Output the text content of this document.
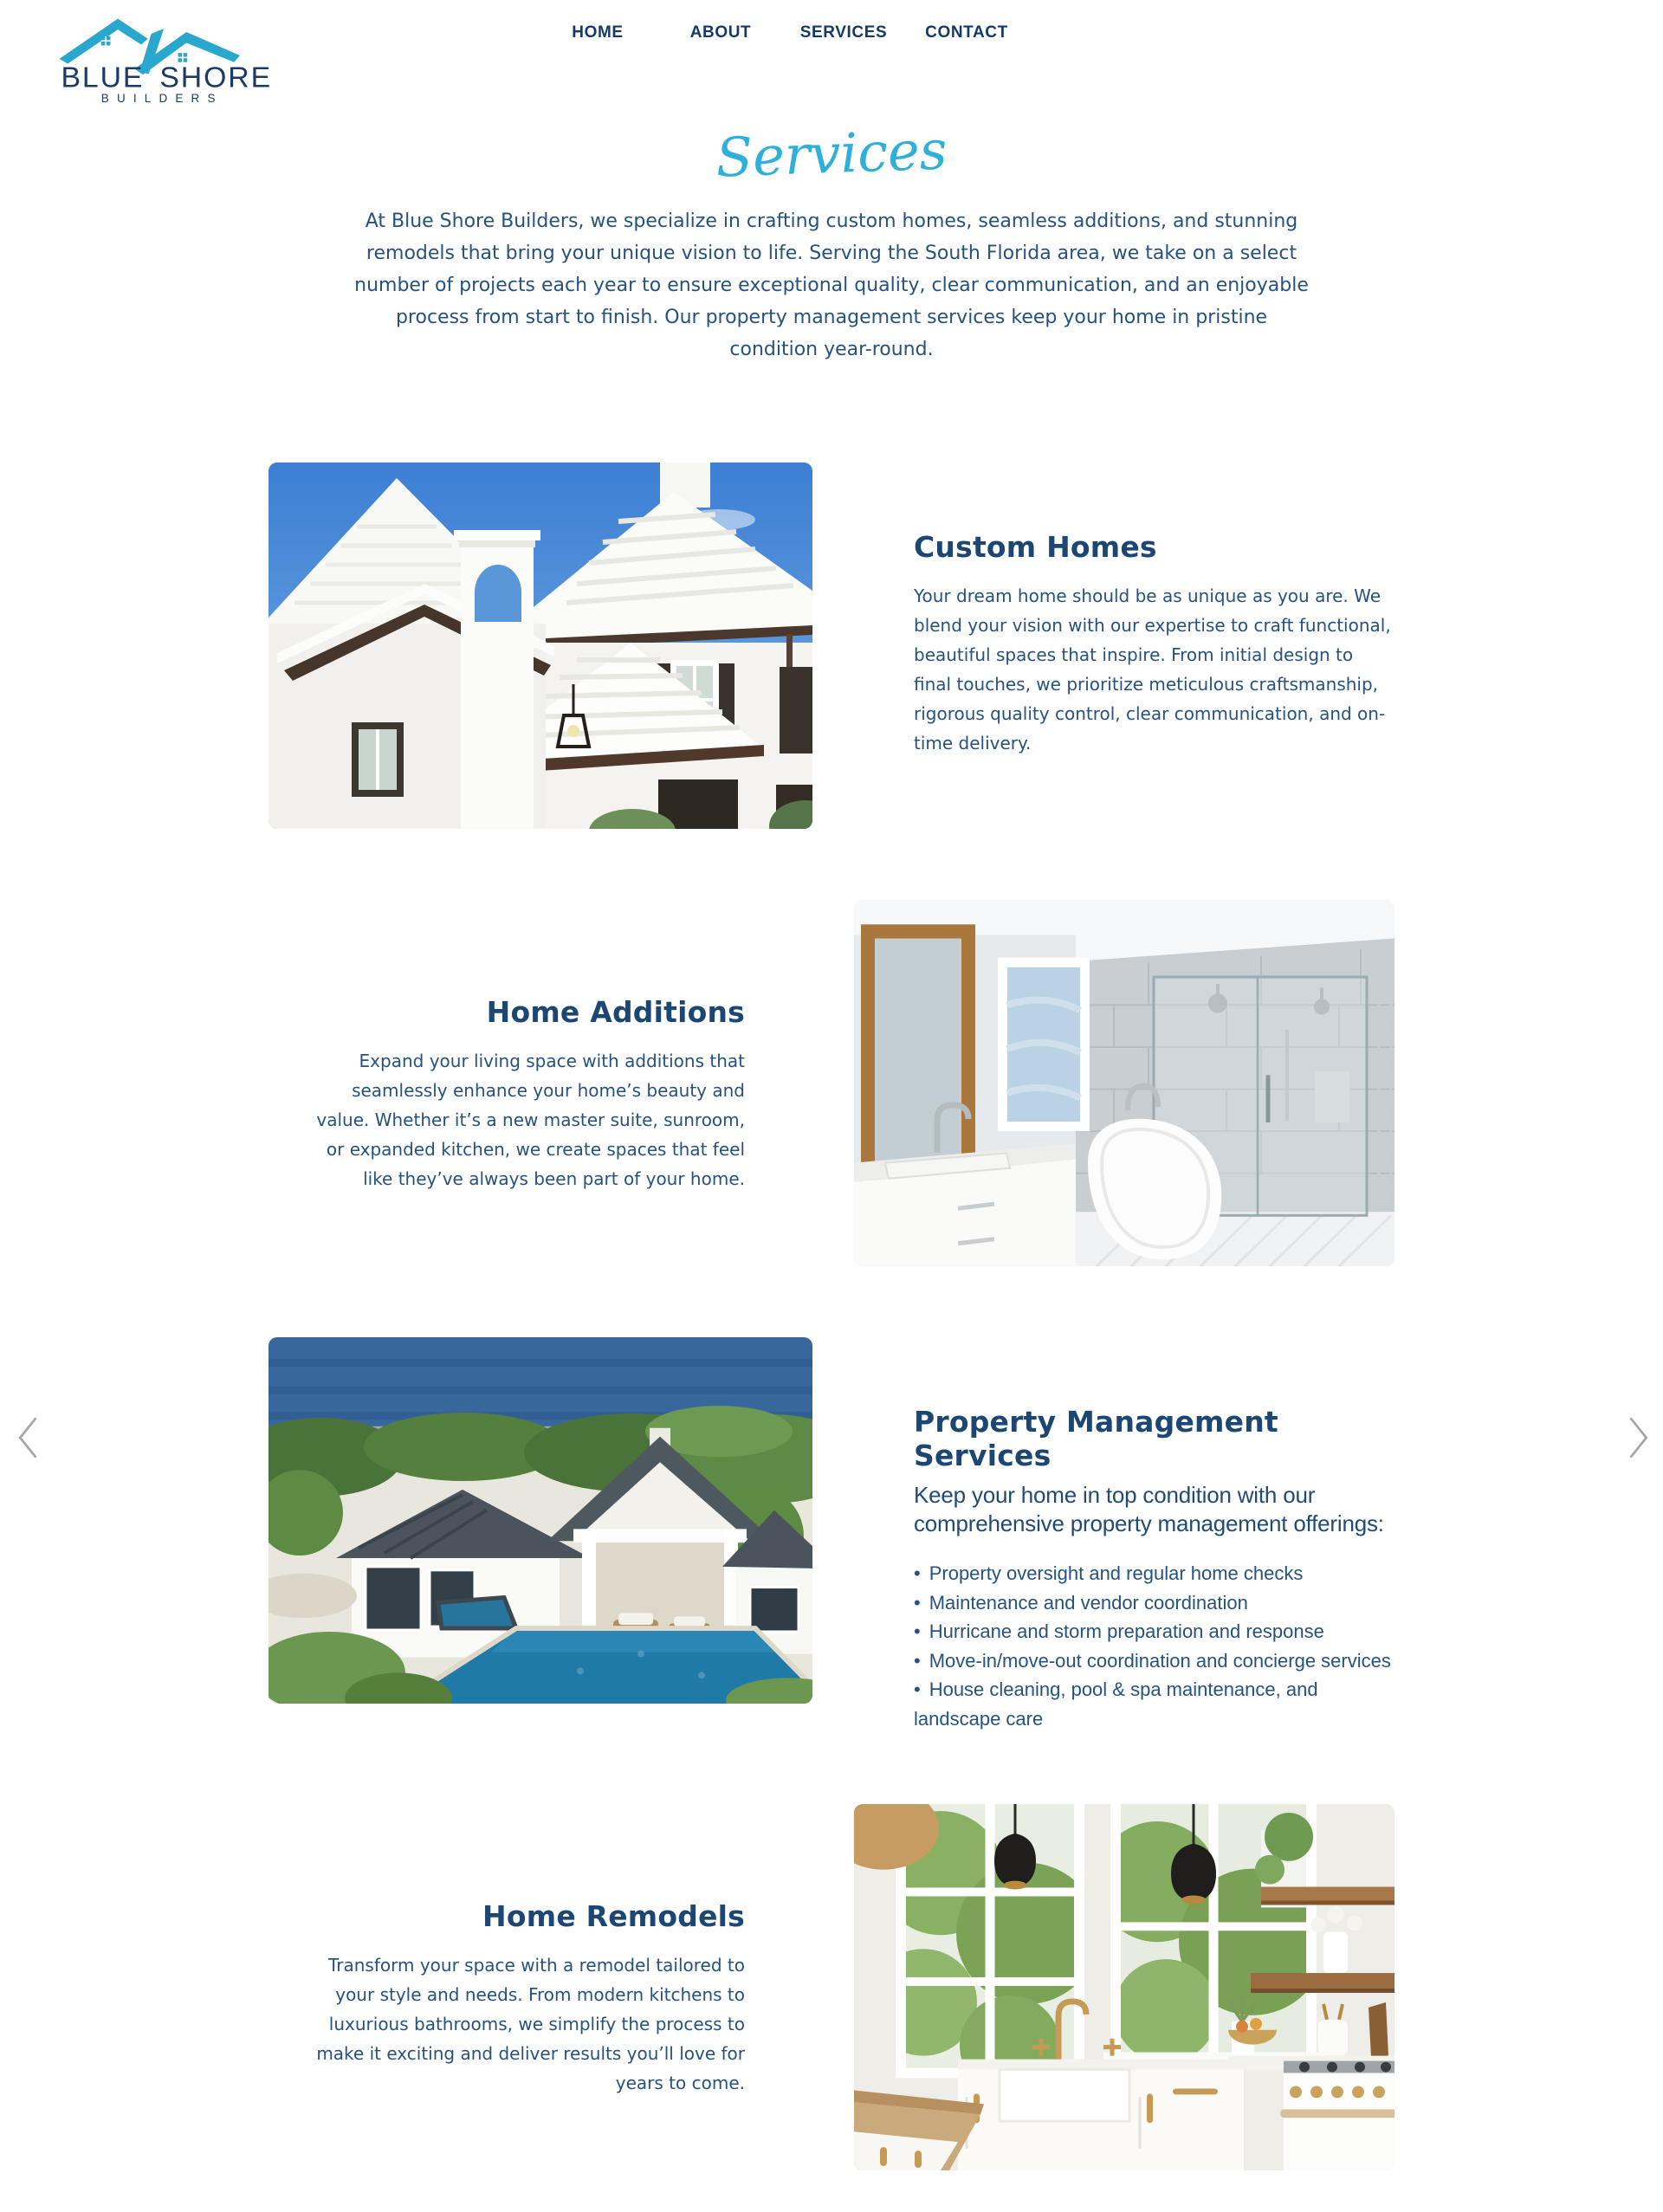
BLUE SHORE
BUILDERS
HOME	ABOUT	SERVICES	CONTACT
Services

At Blue Shore Builders, we specialize in crafting custom homes, seamless additions, and stunning remodels that bring your unique vision to life. Serving the South Florida area, we take on a select number of projects each year to ensure exceptional quality, clear communication, and an enjoyable process from start to finish. Our property management services keep your home in pristine condition year-round.

Custom Homes

Your dream home should be as unique as you are. We blend your vision with our expertise to craft functional, beautiful spaces that inspire. From initial design to final touches, we prioritize meticulous craftsmanship, rigorous quality control, clear communication, and on-time delivery.

Home Additions

Expand your living space with additions that seamlessly enhance your home’s beauty and value. Whether it’s a new master suite, sunroom, or expanded kitchen, we create spaces that feel like they’ve always been part of your home.

Property Management Services

Keep your home in top condition with our comprehensive property management offerings:

• Property oversight and regular home checks
• Maintenance and vendor coordination
• Hurricane and storm preparation and response
• Move-in/move-out coordination and concierge services
• House cleaning, pool & spa maintenance, and landscape care
Home Remodels

Transform your space with a remodel tailored to your style and needs. From modern kitchens to luxurious bathrooms, we simplify the process to make it exciting and deliver results you’ll love for years to come.
